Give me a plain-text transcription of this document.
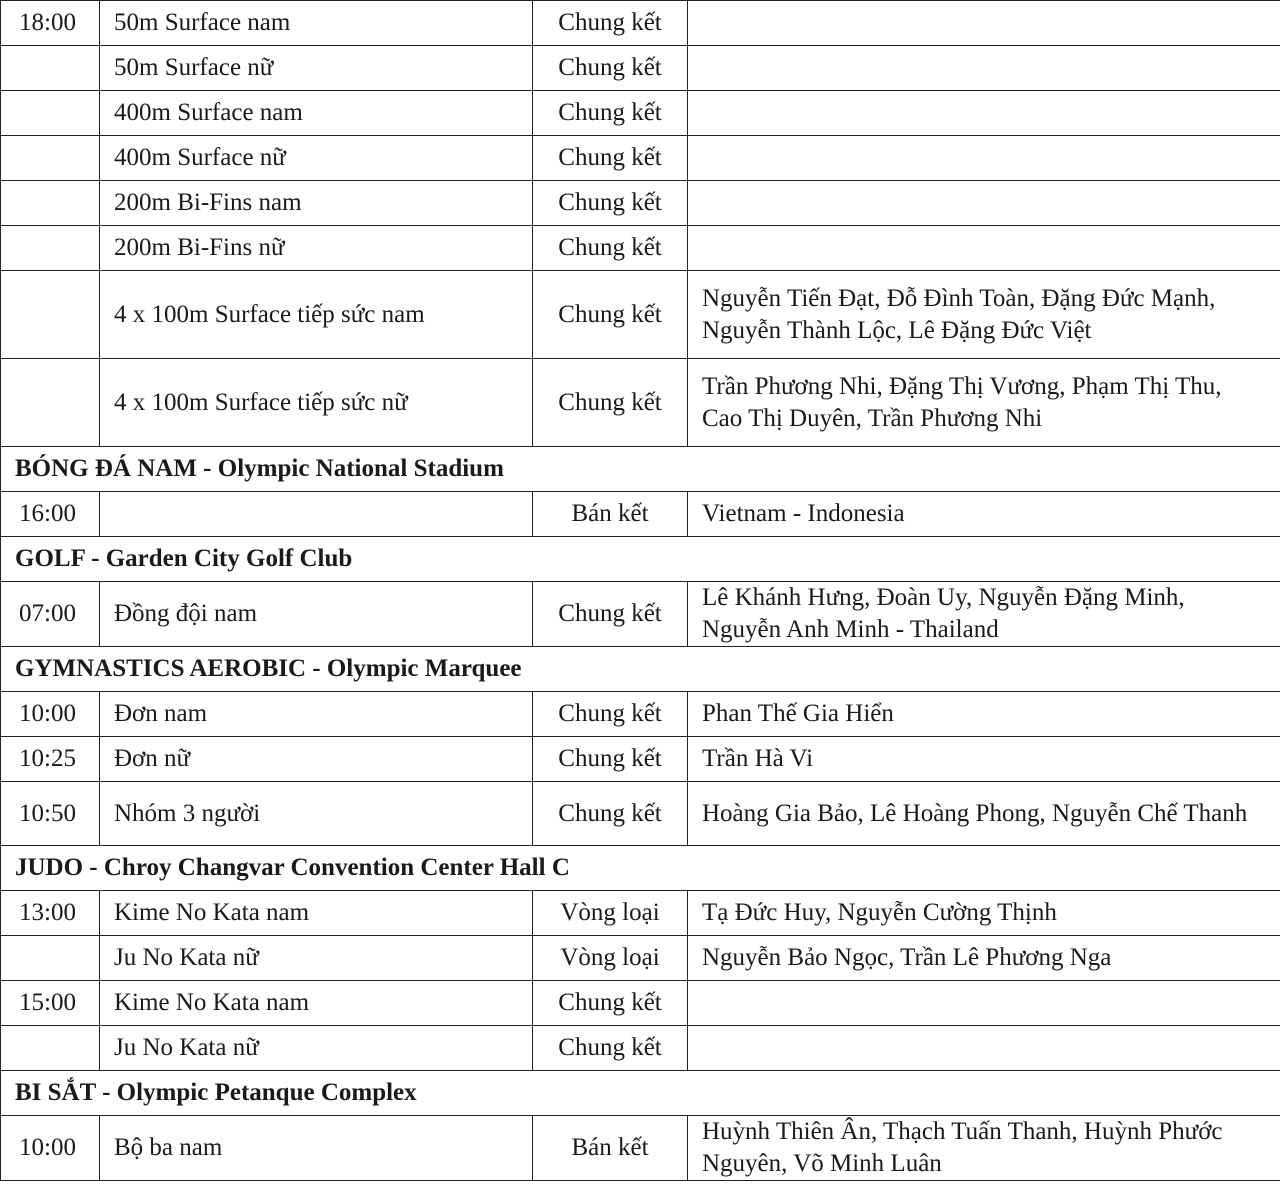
18:00	50m Surface nam	Chung kết	
	50m Surface nữ	Chung kết	
	400m Surface nam	Chung kết	
	400m Surface nữ	Chung kết	
	200m Bi-Fins nam	Chung kết	
	200m Bi-Fins nữ	Chung kết	
	4 x 100m Surface tiếp sức nam	Chung kết	Nguyễn Tiến Đạt, Đỗ Đình Toàn, Đặng Đức Mạnh, Nguyễn Thành Lộc, Lê Đặng Đức Việt
	4 x 100m Surface tiếp sức nữ	Chung kết	Trần Phương Nhi, Đặng Thị Vương, Phạm Thị Thu, Cao Thị Duyên, Trần Phương Nhi
BÓNG ĐÁ NAM - Olympic National Stadium			
16:00		Bán kết	Vietnam - Indonesia
GOLF - Garden City Golf Club			
07:00	Đồng đội nam	Chung kết	Lê Khánh Hưng, Đoàn Uy, Nguyễn Đặng Minh, Nguyễn Anh Minh - Thailand
GYMNASTICS AEROBIC - Olympic Marquee			
10:00	Đơn nam	Chung kết	Phan Thế Gia Hiển
10:25	Đơn nữ	Chung kết	Trần Hà Vi
10:50	Nhóm 3 người	Chung kết	Hoàng Gia Bảo, Lê Hoàng Phong, Nguyễn Chế Thanh
JUDO - Chroy Changvar Convention Center Hall C			
13:00	Kime No Kata nam	Vòng loại	Tạ Đức Huy, Nguyễn Cường Thịnh
	Ju No Kata nữ	Vòng loại	Nguyễn Bảo Ngọc, Trần Lê Phương Nga
15:00	Kime No Kata nam	Chung kết	
	Ju No Kata nữ	Chung kết	
BI SẮT - Olympic Petanque Complex			
10:00	Bộ ba nam	Bán kết	Huỳnh Thiên Ân, Thạch Tuấn Thanh, Huỳnh Phước Nguyên, Võ Minh Luân
